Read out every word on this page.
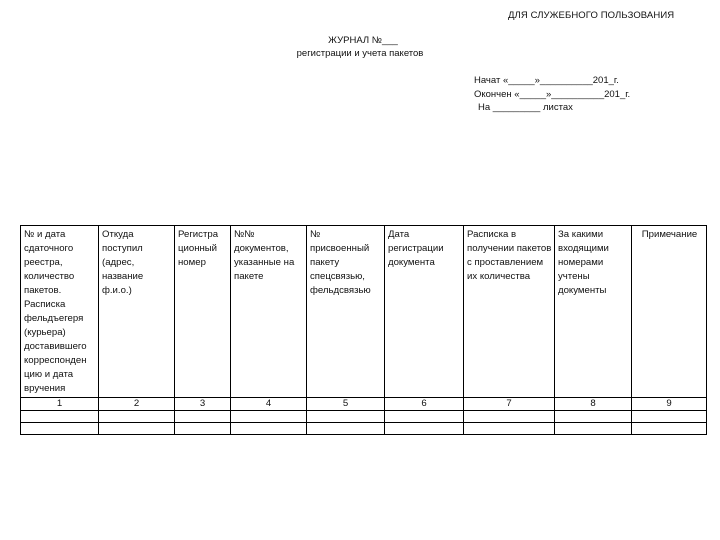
ДЛЯ СЛУЖЕБНОГО ПОЛЬЗОВАНИЯ
ЖУРНАЛ №___
регистрации и учета пакетов
Начат «_____»__________201_г.
Окончен «_____»__________201_г.
На _________ листах
№ и дата сдаточного реестра, количество пакетов. Расписка фельдъегеря (курьера) доставившего корреспонден цию и дата вручения	Откуда поступил (адрес, название ф.и.о.)	Регистра ционный номер	№№ документов, указанные на пакете	№ присвоенный пакету спецсвязью, фельдсвязью	Дата регистрации документа	Расписка в получении пакетов с проставлением их количества	За какими входящими номерами учтены документы	Примечание
1	2	3	4	5	6	7	8	9
